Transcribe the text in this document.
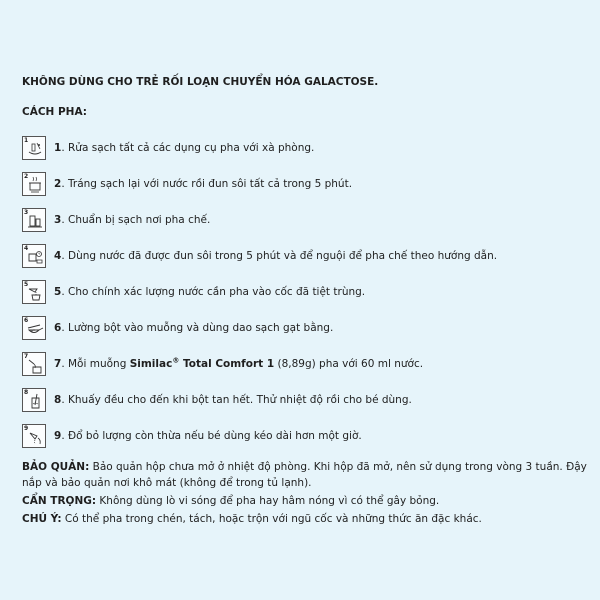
KHÔNG DÙNG CHO TRẺ RỐI LOẠN CHUYỂN HÓA GALACTOSE.
CÁCH PHA:
1
1. Rửa sạch tất cả các dụng cụ pha với xà phòng.
2
2. Tráng sạch lại với nước rồi đun sôi tất cả trong 5 phút.
3
3. Chuẩn bị sạch nơi pha chế.
4
4. Dùng nước đã được đun sôi trong 5 phút và để nguội để pha chế theo hướng dẫn.
5
5. Cho chính xác lượng nước cần pha vào cốc đã tiệt trùng.
6
6. Lường bột vào muỗng và dùng dao sạch gạt bằng.
7
7. Mỗi muỗng Similac® Total Comfort 1 (8,89g) pha với 60 ml nước.
8
8. Khuấy đều cho đến khi bột tan hết. Thử nhiệt độ rồi cho bé dùng.
9
9. Đổ bỏ lượng còn thừa nếu bé dùng kéo dài hơn một giờ.

BẢO QUẢN: Bảo quản hộp chưa mở ở nhiệt độ phòng. Khi hộp đã mở, nên sử dụng trong vòng 3 tuần. Đậy nắp và bảo quản nơi khô mát (không để trong tủ lạnh).

CẨN TRỌNG: Không dùng lò vi sóng để pha hay hâm nóng vì có thể gây bỏng.

CHÚ Ý: Có thể pha trong chén, tách, hoặc trộn với ngũ cốc và những thức ăn đặc khác.
